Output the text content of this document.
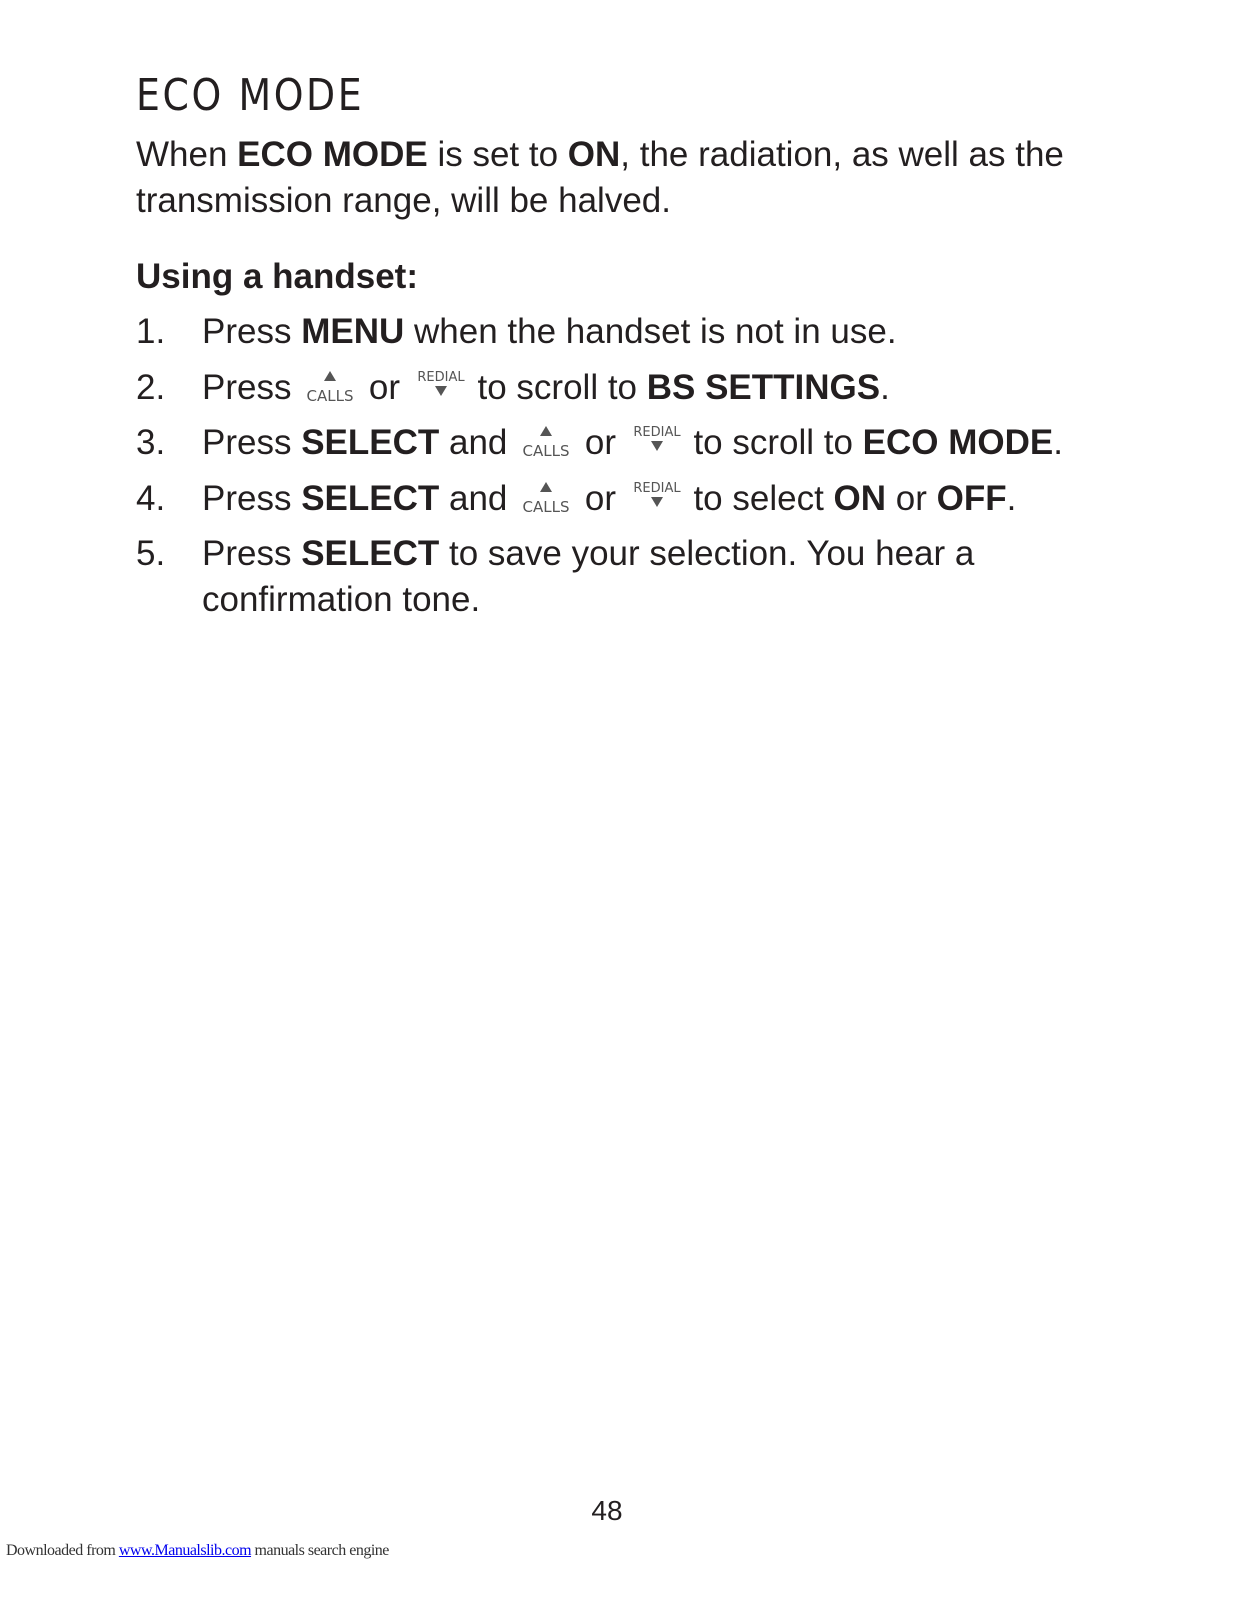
ECO MODE

When ECO MODE is set to ON, the radiation, as well as the transmission range, will be halved.

Using a handset:
1. Press MENU when the handset is not in use.
2. Press CALLS or REDIAL to scroll to BS SETTINGS.
3. Press SELECT and CALLS or REDIAL to scroll to ECO MODE.
4. Press SELECT and CALLS or REDIAL to select ON or OFF.
5. Press SELECT to save your selection. You hear a confirmation tone.

48

Downloaded from www.Manualslib.com manuals search engine
